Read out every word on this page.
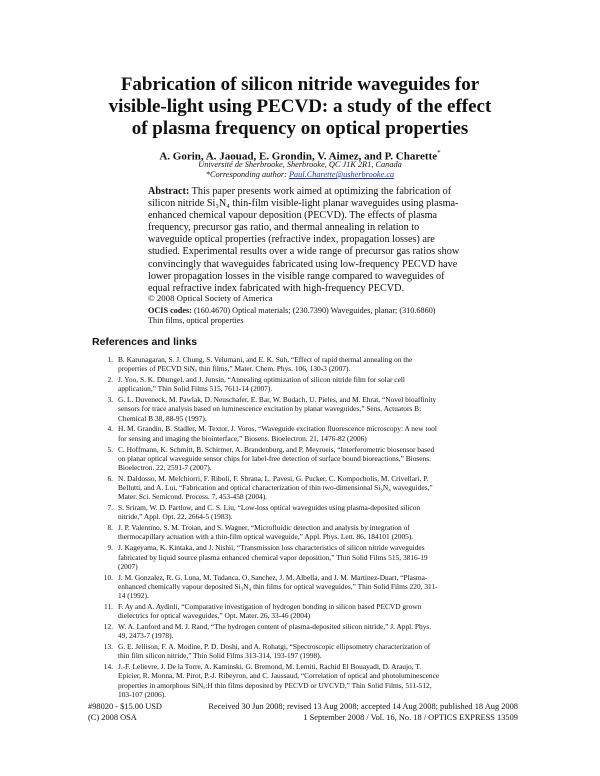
Fabrication of silicon nitride waveguides for
visible-light using PECVD: a study of the effect
of plasma frequency on optical properties
A. Gorin, A. Jaouad, E. Grondin, V. Aimez, and P. Charette*
Université de Sherbrooke, Sherbrooke, QC J1K 2R1, Canada
*Corresponding author: Paul.Charette@usherbrooke.ca
Abstract: This paper presents work aimed at optimizing the fabrication of
silicon nitride Si₃N₄ thin-film visible-light planar waveguides using plasma-
enhanced chemical vapour deposition (PECVD). The effects of plasma
frequency, precursor gas ratio, and thermal annealing in relation to
waveguide optical properties (refractive index, propagation losses) are
studied. Experimental results over a wide range of precursor gas ratios show
convincingly that waveguides fabricated using low-frequency PECVD have
lower propagation losses in the visible range compared to waveguides of
equal refractive index fabricated with high-frequency PECVD.
© 2008 Optical Society of America
OCIS codes: (160.4670) Optical materials; (230.7390) Waveguides, planar; (310.6860) Thin films, optical properties
References and links
1. B. Karunagaran, S. J. Chung, S. Velumani, and E. K. Suh, “Effect of rapid thermal annealing on the
properties of PECVD SiNₓ thin films,” Mater. Chem. Phys. 106, 130-3 (2007).
2. J. Yoo, S. K. Dhungel, and J. Junsin, “Annealing optimization of silicon nitride film for solar cell
application,” Thin Solid Films 515, 7611-14 (2007).
3. G. L. Duveneck, M. Pawlak, D. Neuschafer, E. Bar, W. Budach, U. Pieles, and M. Ehrat, “Novel bioaffinity
sensors for trace analysis based on luminescence excitation by planar waveguides,” Sens. Actuators B:
Chemical B 38, 88-95 (1997).
4. H. M. Grandin, B. Stadler, M. Textor, J. Voros, “Waveguide excitation fluorescence microscopy: A new tool
for sensing and imaging the biointerface,” Biosens. Bioelectron. 21, 1476-82 (2006)
5. C. Hoffmann, K. Schmitt, B. Schirmer, A. Brandenburg, and P. Meyrueis, “Interferometric biosensor based
on planar optical waveguide sensor chips for label-free detection of surface bound bioreactions,” Biosens.
Bioelectron. 22, 2591-7 (2007).
6. N. Daldosso, M. Melchiorri, F. Riboli, F. Sbrana, L. Pavesi, G. Pucker, C. Kompocholis, M. Crivellari, P.
Bellutti, and A. Lui, “Fabrication and optical characterization of thin two-dimensional Si₃N₄ waveguides,”
Mater. Sci. Semicond. Process. 7, 453-458 (2004).
7. S. Sriram, W. D. Partlow, and C. S. Liu, “Low-loss optical waveguides using plasma-deposited silicon
nitride,” Appl. Opt. 22, 2664-5 (1983).
8. J. P. Valentino, S. M. Troian, and S. Wagner, “Microfluidic detection and analysis by integration of
thermocapillary actuation with a thin-film optical waveguide,” Appl. Phys. Lett. 86, 184101 (2005).
9. J. Kageyama, K. Kintaka, and J. Nishii, “Transmission loss characteristics of silicon nitride waveguides
fabricated by liquid source plasma enhanced chemical vapor deposition,” Thin Solid Films 515, 3816-19
(2007)
10. J. M. Gonzalez, R. G. Luna, M. Tudanca, O. Sanchez, J. M. Albella, and J. M. Martinez-Duart, “Plasma-
enhanced chemically vapour deposited Si₃N₄ thin films for optical waveguides,” Thin Solid Films 220, 311-
14 (1992).
11. F. Ay and A. Aydinli, “Comparative investigation of hydrogen bonding in silicon based PECVD grown
dielectrics for optical waveguides,” Opt. Mater. 26, 33-46 (2004)
12. W. A. Lanford and M. J. Rand, “The hydrogen content of plasma-deposited silicon nitride,” J. Appl. Phys.
49, 2473-7 (1978).
13. G. E. Jellison, F. A. Modine, P. D. Doshi, and A. Rohatgi, “Spectroscopic ellipsometry characterization of
thin film silicon nitride,” Thin Solid Films 313-314, 193-197 (1998).
14. J.-F. Lelievre, J. De la Torre, A. Kaminski, G. Bremond, M. Lemiti, Rachid El Bouayadi, D. Araujo, T.
Epicier, R. Monna, M. Pirot, P.-J. Ribeyron, and C. Jaussaud, “Correlation of optical and photoluminescence
properties in amorphous SiNₓ:H thin films deposited by PECVD or UVCVD,” Thin Solid Films, 511-512,
103-107 (2006).
#98020 - $15.00 USD	Received 30 Jun 2008; revised 13 Aug 2008; accepted 14 Aug 2008; published 18 Aug 2008
(C) 2008 OSA	1 September 2008 / Vol. 16, No. 18 / OPTICS EXPRESS 13509
